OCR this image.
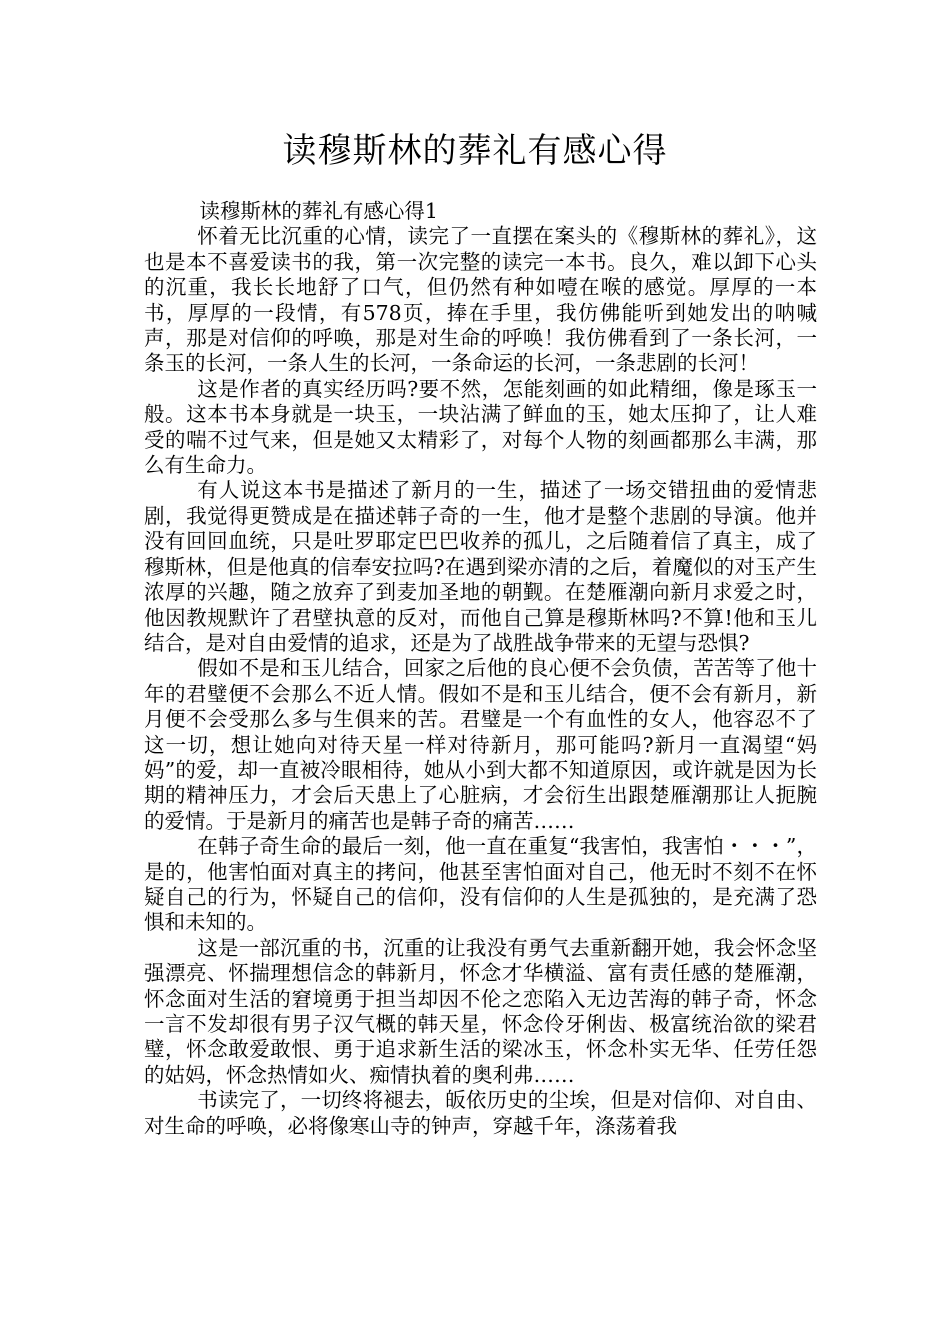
读穆斯林的葬礼有感心得

读穆斯林的葬礼有感心得1

怀着无比沉重的心情，读完了一直摆在案头的《穆斯林的葬礼》，这也是本不喜爱读书的我，第一次完整的读完一本书。良久，难以卸下心头的沉重，我长长地舒了口气，但仍然有种如噎在喉的感觉。厚厚的一本书，厚厚的一段情，有578页，捧在手里，我仿佛能听到她发出的呐喊声，那是对信仰的呼唤，那是对生命的呼唤！我仿佛看到了一条长河，一条玉的长河，一条人生的长河，一条命运的长河，一条悲剧的长河！

这是作者的真实经历吗?要不然，怎能刻画的如此精细，像是琢玉一般。这本书本身就是一块玉，一块沾满了鲜血的玉，她太压抑了，让人难受的喘不过气来，但是她又太精彩了，对每个人物的刻画都那么丰满，那么有生命力。

有人说这本书是描述了新月的一生，描述了一场交错扭曲的爱情悲剧，我觉得更赞成是在描述韩子奇的一生，他才是整个悲剧的导演。他并没有回回血统，只是吐罗耶定巴巴收养的孤儿，之后随着信了真主，成了穆斯林，但是他真的信奉安拉吗?在遇到梁亦清的之后，着魔似的对玉产生浓厚的兴趣，随之放弃了到麦加圣地的朝觐。在楚雁潮向新月求爱之时，他因教规默许了君壁执意的反对，而他自己算是穆斯林吗?不算!他和玉儿结合，是对自由爱情的追求，还是为了战胜战争带来的无望与恐惧?

假如不是和玉儿结合，回家之后他的良心便不会负债，苦苦等了他十年的君璧便不会那么不近人情。假如不是和玉儿结合，便不会有新月，新月便不会受那么多与生俱来的苦。君璧是一个有血性的女人，他容忍不了这一切，想让她向对待天星一样对待新月，那可能吗?新月一直渴望“妈妈”的爱，却一直被冷眼相待，她从小到大都不知道原因，或许就是因为长期的精神压力，才会后天患上了心脏病，才会衍生出跟楚雁潮那让人扼腕的爱情。于是新月的痛苦也是韩子奇的痛苦……

在韩子奇生命的最后一刻，他一直在重复“我害怕，我害怕・・・”，是的，他害怕面对真主的拷问，他甚至害怕面对自己，他无时不刻不在怀疑自己的行为，怀疑自己的信仰，没有信仰的人生是孤独的，是充满了恐惧和未知的。

这是一部沉重的书，沉重的让我没有勇气去重新翻开她，我会怀念坚强漂亮、怀揣理想信念的韩新月，怀念才华横溢、富有责任感的楚雁潮，怀念面对生活的窘境勇于担当却因不伦之恋陷入无边苦海的韩子奇，怀念一言不发却很有男子汉气概的韩天星，怀念伶牙俐齿、极富统治欲的梁君璧，怀念敢爱敢恨、勇于追求新生活的梁冰玉，怀念朴实无华、任劳任怨的姑妈，怀念热情如火、痴情执着的奥利弗……

书读完了，一切终将褪去，皈依历史的尘埃，但是对信仰、对自由、对生命的呼唤，必将像寒山寺的钟声，穿越千年，涤荡着我
